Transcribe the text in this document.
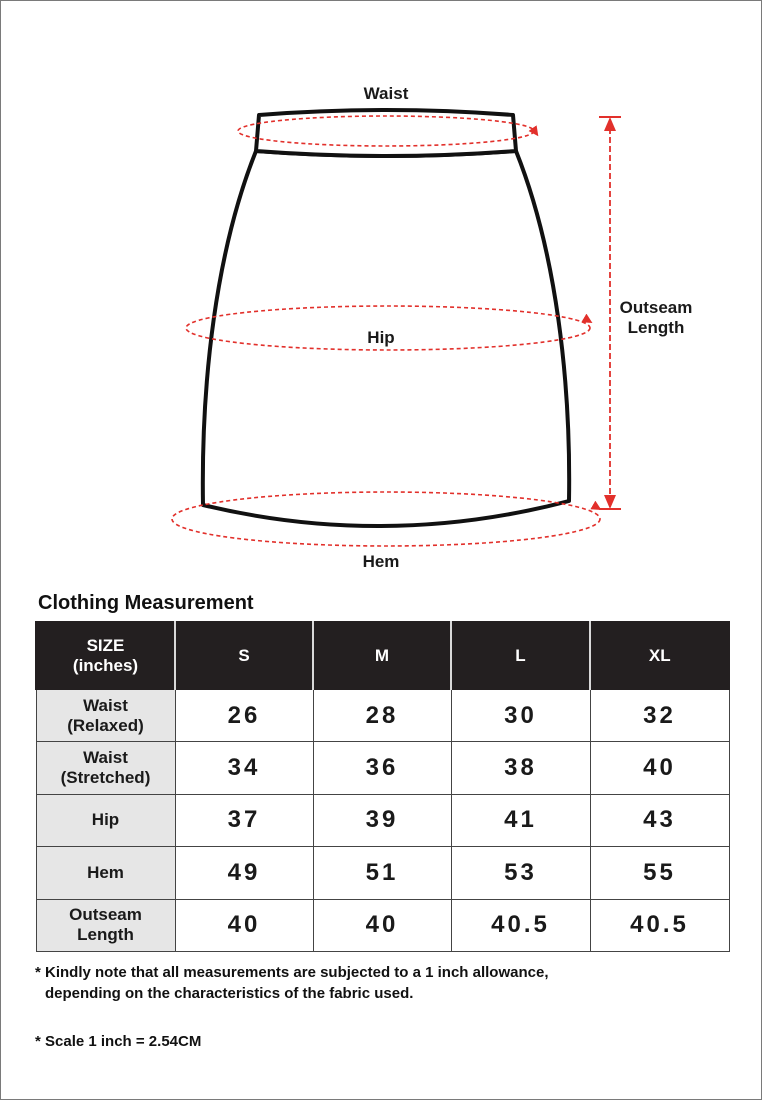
Waist
Hip
Hem
Outseam
Length
Clothing Measurement
SIZE
(inches)	S	M	L	XL
Waist
(Relaxed)	26	28	30	32
Waist
(Stretched)	34	36	38	40
Hip	37	39	41	43
Hem	49	51	53	55
Outseam
Length	40	40	40.5	40.5
* Kindly note that all measurements are subjected to a 1 inch allowance,
depending on the characteristics of the fabric used.
* Scale 1 inch = 2.54CM
